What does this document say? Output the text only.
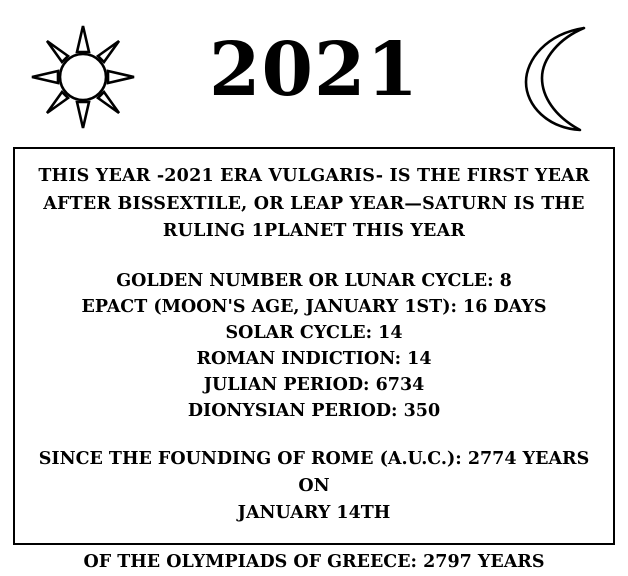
2021
THIS YEAR -2021 ERA VULGARIS- IS THE FIRST YEAR
AFTER BISSEXTILE, OR LEAP YEAR—SATURN IS THE
RULING 1PLANET THIS YEAR
GOLDEN NUMBER OR LUNAR CYCLE: 8
EPACT (MOON'S AGE, JANUARY 1ST): 16 DAYS
SOLAR CYCLE: 14
ROMAN INDICTION: 14
JULIAN PERIOD: 6734
DIONYSIAN PERIOD: 350
SINCE THE FOUNDING OF ROME (A.U.C.): 2774 YEARS ON
JANUARY 14TH
OF THE OLYMPIADS OF GREECE: 2797 YEARS
